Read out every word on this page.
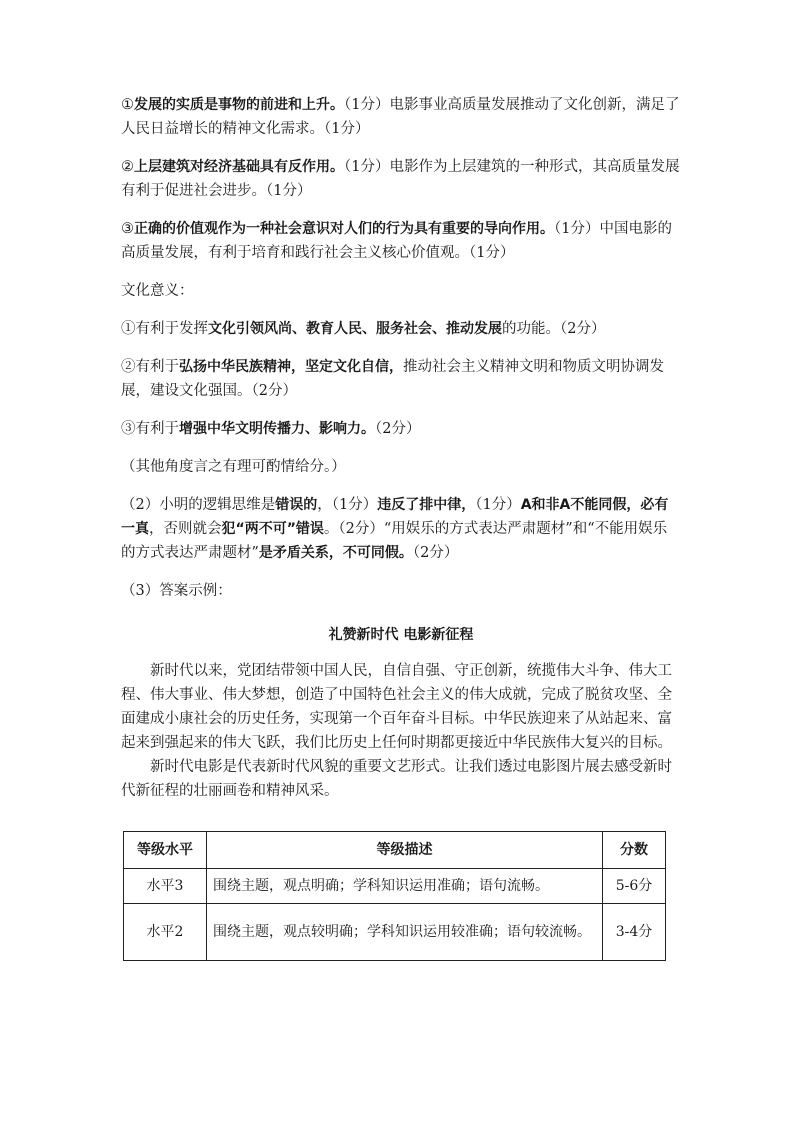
①发展的实质是事物的前进和上升。（1分）电影事业高质量发展推动了文化创新，满足了人民日益增长的精神文化需求。（1分）

②上层建筑对经济基础具有反作用。（1分）电影作为上层建筑的一种形式，其高质量发展有利于促进社会进步。（1分）

③正确的价值观作为一种社会意识对人们的行为具有重要的导向作用。（1分）中国电影的高质量发展，有利于培育和践行社会主义核心价值观。（1分）

文化意义：

①有利于发挥文化引领风尚、教育人民、服务社会、推动发展的功能。（2分）

②有利于弘扬中华民族精神，坚定文化自信，推动社会主义精神文明和物质文明协调发展，建设文化强国。（2分）

③有利于增强中华文明传播力、影响力。（2分）

（其他角度言之有理可酌情给分。）

（2）小明的逻辑思维是错误的，（1分）违反了排中律，（1分）A和非A不能同假，必有一真，否则就会犯“两不可”错误。（2分）“用娱乐的方式表达严肃题材”和“不能用娱乐的方式表达严肃题材”是矛盾关系，不可同假。（2分）

（3）答案示例：

礼赞新时代 电影新征程

新时代以来，党团结带领中国人民，自信自强、守正创新，统揽伟大斗争、伟大工程、伟大事业、伟大梦想，创造了中国特色社会主义的伟大成就，完成了脱贫攻坚、全面建成小康社会的历史任务，实现第一个百年奋斗目标。中华民族迎来了从站起来、富起来到强起来的伟大飞跃，我们比历史上任何时期都更接近中华民族伟大复兴的目标。

新时代电影是代表新时代风貌的重要文艺形式。让我们透过电影图片展去感受新时代新征程的壮丽画卷和精神风采。

等级水平	等级描述	分数
水平3	围绕主题，观点明确；学科知识运用准确；语句流畅。	5-6分
水平2	围绕主题，观点较明确；学科知识运用较准确；语句较流畅。	3-4分
